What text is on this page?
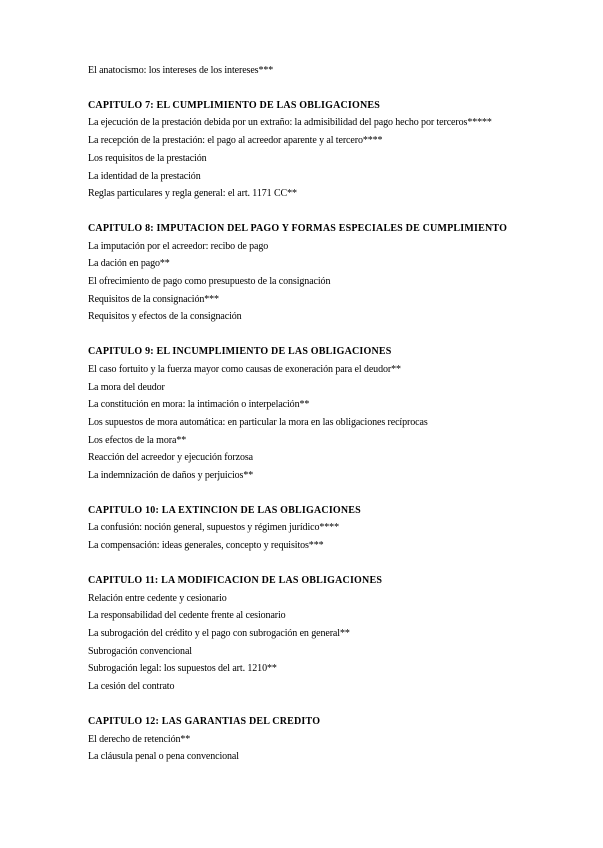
El anatocismo: los intereses de los intereses***
CAPITULO 7: EL CUMPLIMIENTO DE LAS OBLIGACIONES
La ejecución de la prestación debida por un extraño: la admisibilidad del pago hecho por terceros*****
La recepción de la prestación: el pago al acreedor aparente y al tercero****
Los requisitos de la prestación
La identidad de la prestación
Reglas particulares y regla general: el art. 1171 CC**
CAPITULO 8: IMPUTACION DEL PAGO Y FORMAS ESPECIALES DE CUMPLIMIENTO
La imputación por el acreedor: recibo de pago
La dación en pago**
El ofrecimiento de pago como presupuesto de la consignación
Requisitos de la consignación***
Requisitos y efectos de la consignación
CAPITULO 9: EL INCUMPLIMIENTO DE LAS OBLIGACIONES
El caso fortuito y la fuerza mayor como causas de exoneración para el deudor**
La mora del deudor
La constitución en mora: la intimación o interpelación**
Los supuestos de mora automática: en particular la mora en las obligaciones recíprocas
Los efectos de la mora**
Reacción del acreedor y ejecución forzosa
La indemnización de daños y perjuicios**
CAPITULO 10: LA EXTINCION DE LAS OBLIGACIONES
La confusión: noción general, supuestos y régimen jurídico****
La compensación: ideas generales, concepto y requisitos***
CAPITULO 11: LA MODIFICACION DE LAS OBLIGACIONES
Relación entre cedente y cesionario
La responsabilidad del cedente frente al cesionario
La subrogación del crédito y el pago con subrogación en general**
Subrogación convencional
Subrogación legal: los supuestos del art. 1210**
La cesión del contrato
CAPITULO 12: LAS GARANTIAS DEL CREDITO
El derecho de retención**
La cláusula penal o pena convencional
